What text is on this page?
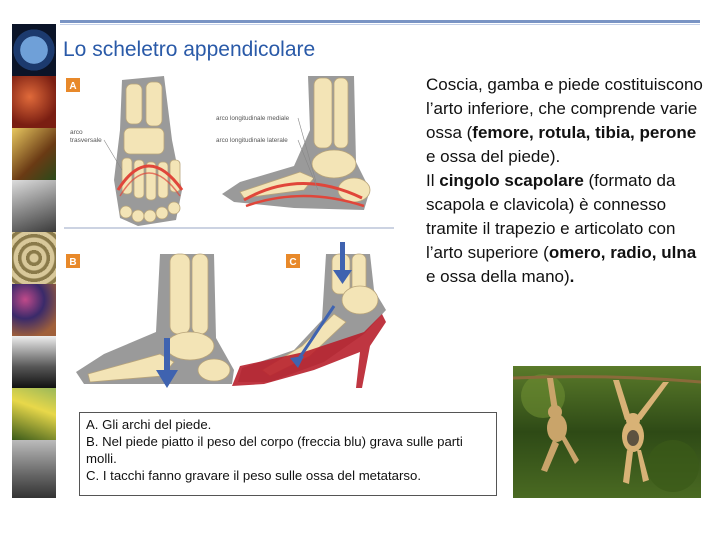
Lo scheletro appendicolare
A
arco
trasversale
arco longitudinale mediale
arco longitudinale laterale
B	C
Coscia, gamba e piede costituiscono l’arto inferiore, che comprende varie ossa (femore, rotula, tibia, perone e ossa del piede).
Il cingolo scapolare (formato da scapola e clavicola) è connesso tramite il trapezio e articolato con l’arto superiore (omero, radio, ulna e ossa della mano).
A. Gli archi del piede.
B. Nel piede piatto il peso del corpo (freccia blu) grava sulle parti molli.
C. I tacchi fanno gravare il peso sulle ossa del metatarso.
